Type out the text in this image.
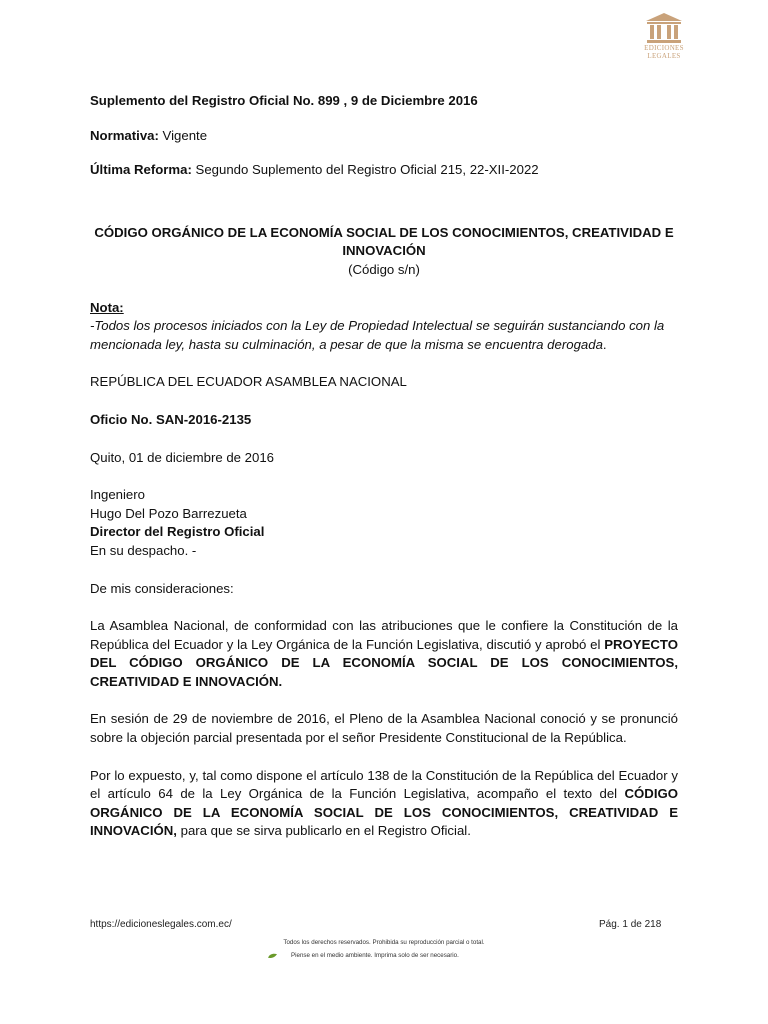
EDICIONES
LEGALES

Suplemento del Registro Oficial No. 899 , 9 de Diciembre 2016

Normativa: Vigente

Última Reforma: Segundo Suplemento del Registro Oficial 215, 22-XII-2022

CÓDIGO ORGÁNICO DE LA ECONOMÍA SOCIAL DE LOS CONOCIMIENTOS, CREATIVIDAD E
INNOVACIÓN

(Código s/n)

Nota:

-Todos los procesos iniciados con la Ley de Propiedad Intelectual se seguirán sustanciando con la mencionada ley, hasta su culminación, a pesar de que la misma se encuentra derogada.

REPÚBLICA DEL ECUADOR ASAMBLEA NACIONAL

Oficio No. SAN-2016-2135

Quito, 01 de diciembre de 2016

Ingeniero

Hugo Del Pozo Barrezueta

Director del Registro Oficial

En su despacho. -

De mis consideraciones:

La Asamblea Nacional, de conformidad con las atribuciones que le confiere la Constitución de la República del Ecuador y la Ley Orgánica de la Función Legislativa, discutió y aprobó el PROYECTO DEL CÓDIGO ORGÁNICO DE LA ECONOMÍA SOCIAL DE LOS CONOCIMIENTOS, CREATIVIDAD E INNOVACIÓN.

En sesión de 29 de noviembre de 2016, el Pleno de la Asamblea Nacional conoció y se pronunció sobre la objeción parcial presentada por el señor Presidente Constitucional de la República.

Por lo expuesto, y, tal como dispone el artículo 138 de la Constitución de la República del Ecuador y el artículo 64 de la Ley Orgánica de la Función Legislativa, acompaño el texto del CÓDIGO ORGÁNICO DE LA ECONOMÍA SOCIAL DE LOS CONOCIMIENTOS, CREATIVIDAD E INNOVACIÓN, para que se sirva publicarlo en el Registro Oficial.

https://edicioneslegales.com.ec/	Pág. 1 de 218
Todos los derechos reservados. Prohibida su reproducción parcial o total.
Piense en el medio ambiente. Imprima solo de ser necesario.
